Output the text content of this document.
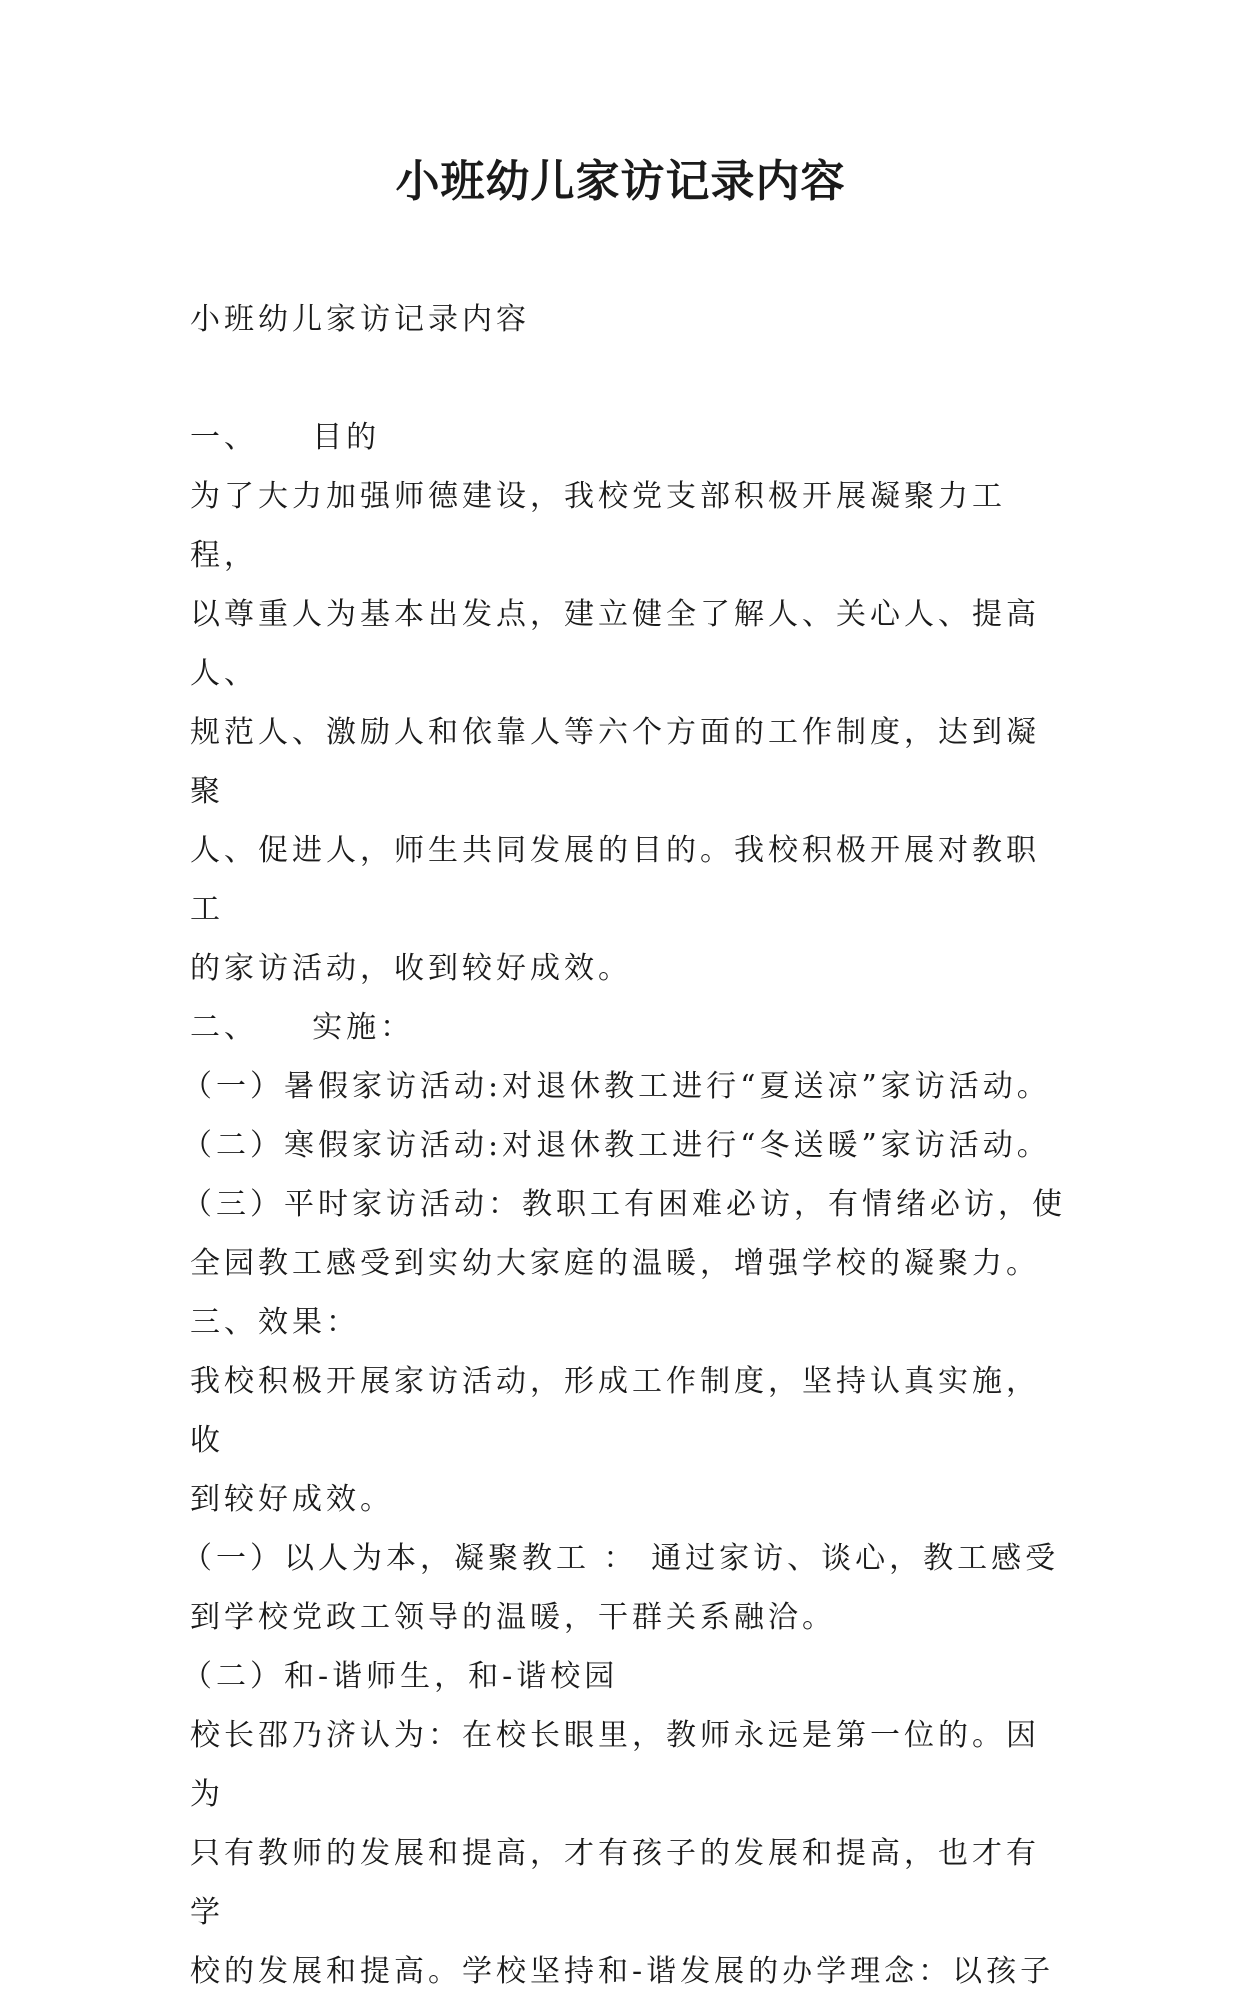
小班幼儿家访记录内容

小班幼儿家访记录内容

一、    目的

为了大力加强师德建设，我校党支部积极开展凝聚力工程，

以尊重人为基本出发点，建立健全了解人、关心人、提高人、

规范人、激励人和依靠人等六个方面的工作制度，达到凝聚

人、促进人，师生共同发展的目的。我校积极开展对教职工

的家访活动，收到较好成效。

二、    实施：

（一）暑假家访活动:对退休教工进行“夏送凉”家访活动。

（二）寒假家访活动:对退休教工进行“冬送暖”家访活动。

（三）平时家访活动：教职工有困难必访，有情绪必访，使

全园教工感受到实幼大家庭的温暖，增强学校的凝聚力。

三、效果：

我校积极开展家访活动，形成工作制度，坚持认真实施，收

到较好成效。

（一）以人为本，凝聚教工 ： 通过家访、谈心，教工感受

到学校党政工领导的温暖，干群关系融洽。

（二）和-谐师生，和-谐校园

校长邵乃济认为：在校长眼里，教师永远是第一位的。因为

只有教师的发展和提高，才有孩子的发展和提高，也才有学

校的发展和提高。学校坚持和-谐发展的办学理念：以孩子
